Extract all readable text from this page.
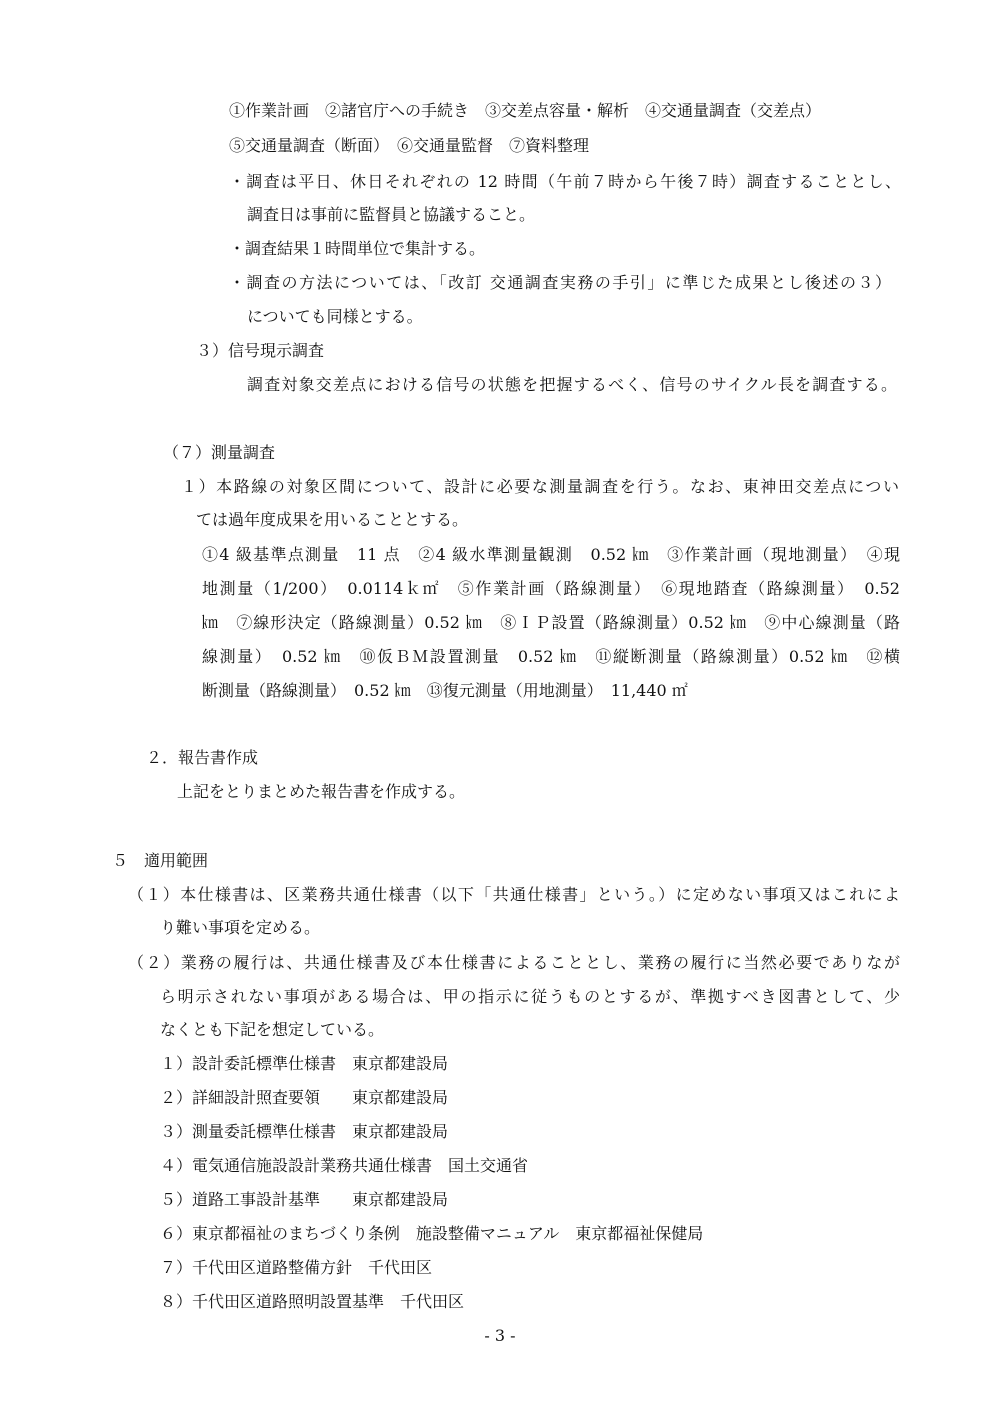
①作業計画　②諸官庁への手続き　③交差点容量・解析　④交通量調査（交差点）
⑤交通量調査（断面）　⑥交通量監督　⑦資料整理
・調査は平日、休日それぞれの 12 時間（午前７時から午後７時）調査することとし、
調査日は事前に監督員と協議すること。
・調査結果１時間単位で集計する。
・調査の方法については、「改訂 交通調査実務の手引」に準じた成果とし後述の３）
についても同様とする。
３）信号現示調査
調査対象交差点における信号の状態を把握するべく、信号のサイクル長を調査する。
（７）測量調査
１）本路線の対象区間について、設計に必要な測量調査を行う。なお、東神田交差点につい
ては過年度成果を用いることとする。
①4 級基準点測量　11 点　②4 級水準測量観測　0.52 ㎞　③作業計画（現地測量）　④現
地測量（1/200）　0.0114ｋ㎡　⑤作業計画（路線測量）　⑥現地踏査（路線測量）　0.52
㎞　⑦線形決定（路線測量）0.52 ㎞　⑧ＩＰ設置（路線測量）0.52 ㎞　⑨中心線測量（路
線測量）　0.52 ㎞　⑩仮ＢＭ設置測量　0.52 ㎞　⑪縦断測量（路線測量）0.52 ㎞　⑫横
断測量（路線測量）　0.52 ㎞　⑬復元測量（用地測量）　11,440 ㎡
２．報告書作成
上記をとりまとめた報告書を作成する。
５　適用範囲
（１）本仕様書は、区業務共通仕様書（以下「共通仕様書」という。）に定めない事項又はこれによ
り難い事項を定める。
（２）業務の履行は、共通仕様書及び本仕様書によることとし、業務の履行に当然必要でありなが
ら明示されない事項がある場合は、甲の指示に従うものとするが、準拠すべき図書として、少
なくとも下記を想定している。
１）設計委託標準仕様書　東京都建設局
２）詳細設計照査要領　　東京都建設局
３）測量委託標準仕様書　東京都建設局
４）電気通信施設設計業務共通仕様書　国土交通省
５）道路工事設計基準　　東京都建設局
６）東京都福祉のまちづくり条例　施設整備マニュアル　東京都福祉保健局
７）千代田区道路整備方針　千代田区
８）千代田区道路照明設置基準　千代田区
- 3 -
